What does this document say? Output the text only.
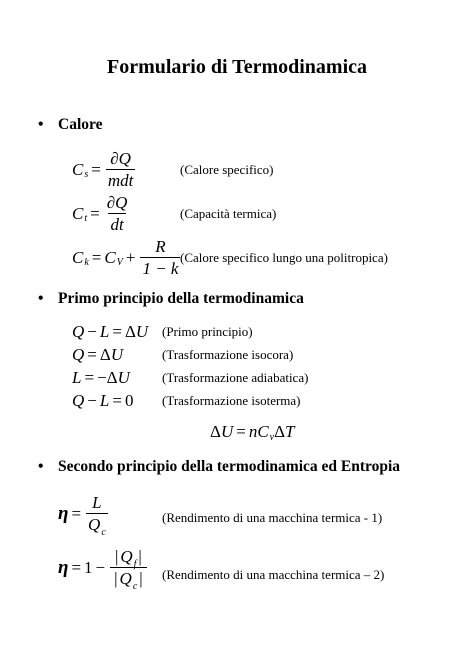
Formulario di Termodinamica
• Calore
C $s = \frac{\partial Q}{\text{mdt}}$	(Calore specifico)
C $t = \frac{\partial Q}{dt}$	(Capacità termica)
C k = C $V + \frac{R}{1 - k}$ (Calore specifico lungo una politropica)
• Primo principio della termodinamica
Q − L = Δ U (Primo principio)
Q = Δ U	(Trasformazione isocora)
L = − Δ U (Trasformazione adiabatica)
Q − L = 0 (Trasformazione isoterma)
Δ U = n C v Δ T
• Secondo principio della termodinamica ed Entropia
$\eta = \frac{L}{Q_c}$	(Rendimento di una macchina termica - 1)
$\eta = 1 - \frac{| Q_f |}{| Q_c |}$ (Rendimento di una macchina termica – 2)
